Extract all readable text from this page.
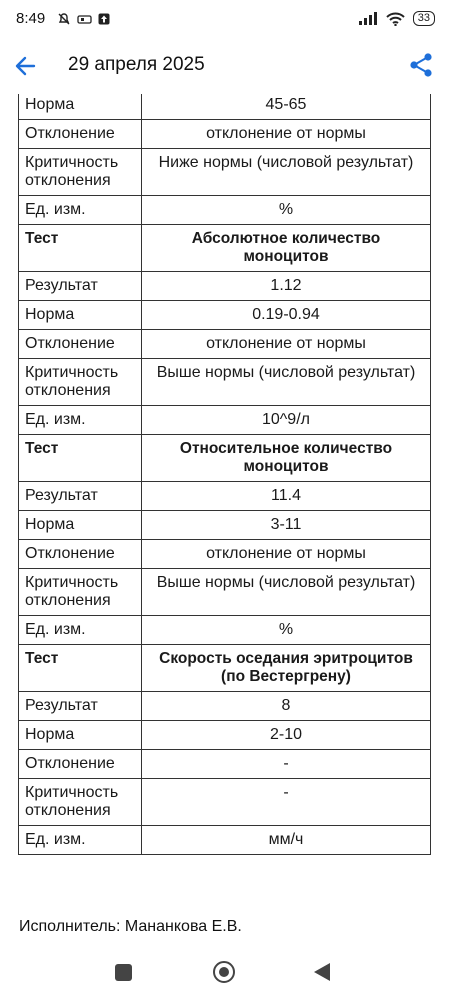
8:49	33
29 апреля 2025
Норма	45-65
Отклонение	отклонение от нормы
Критичность отклонения	Ниже нормы (числовой результат)
Ед. изм.	%
Тест	Абсолютное количество моноцитов
Результат	1.12
Норма	0.19-0.94
Отклонение	отклонение от нормы
Критичность отклонения	Выше нормы (числовой результат)
Ед. изм.	10^9/л
Тест	Относительное количество моноцитов
Результат	11.4
Норма	3-11
Отклонение	отклонение от нормы
Критичность отклонения	Выше нормы (числовой результат)
Ед. изм.	%
Тест	Скорость оседания эритроцитов (по Вестергрену)
Результат	8
Норма	2-10
Отклонение	-
Критичность отклонения	-
Ед. изм.	мм/ч
Исполнитель: Мананкова Е.В.
